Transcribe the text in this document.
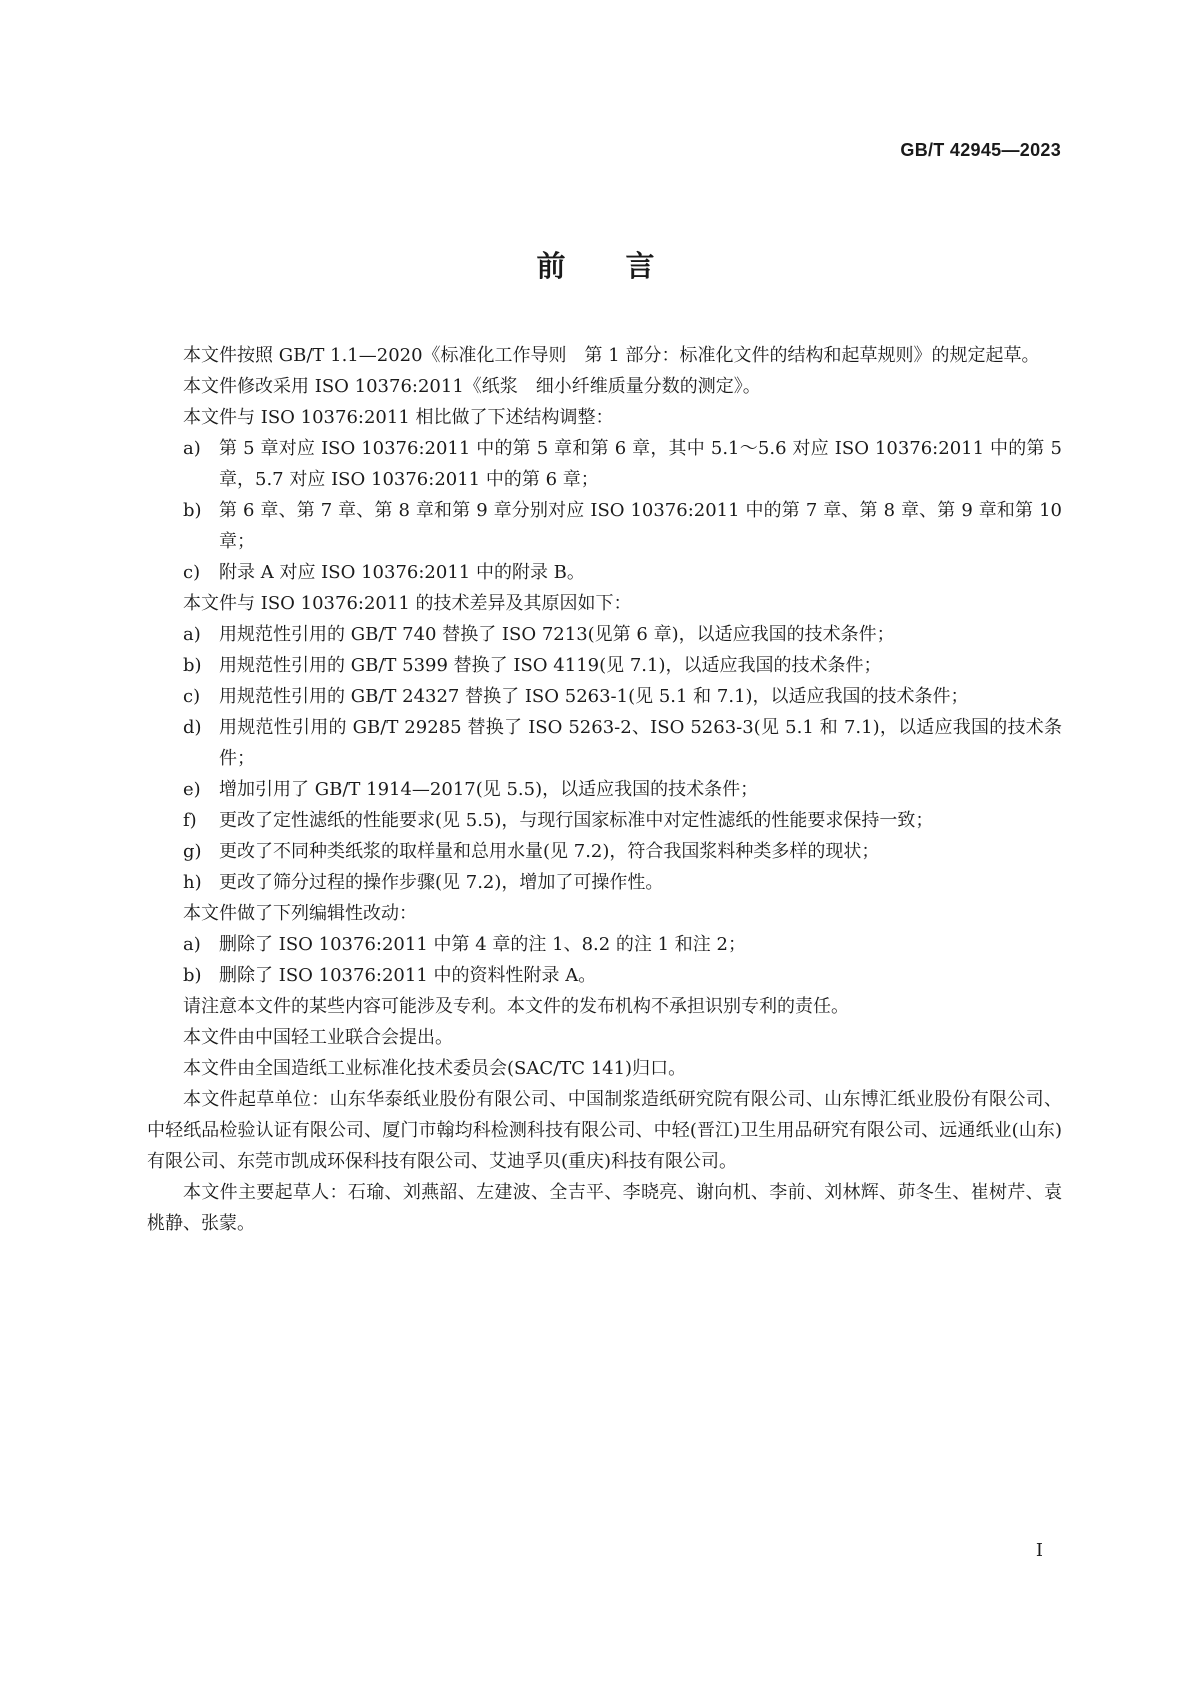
GB/T 42945—2023
前言

本文件按照 GB/T 1.1—2020《标准化工作导则　第 1 部分：标准化文件的结构和起草规则》的规定起草。

本文件修改采用 ISO 10376:2011《纸浆　细小纤维质量分数的测定》。

本文件与 ISO 10376:2011 相比做了下述结构调整：

a) 第 5 章对应 ISO 10376:2011 中的第 5 章和第 6 章，其中 5.1～5.6 对应 ISO 10376:2011 中的第 5 章，5.7 对应 ISO 10376:2011 中的第 6 章；
b) 第 6 章、第 7 章、第 8 章和第 9 章分别对应 ISO 10376:2011 中的第 7 章、第 8 章、第 9 章和第 10 章；
c) 附录 A 对应 ISO 10376:2011 中的附录 B。

本文件与 ISO 10376:2011 的技术差异及其原因如下：

a) 用规范性引用的 GB/T 740 替换了 ISO 7213(见第 6 章)，以适应我国的技术条件；
b) 用规范性引用的 GB/T 5399 替换了 ISO 4119(见 7.1)，以适应我国的技术条件；
c) 用规范性引用的 GB/T 24327 替换了 ISO 5263-1(见 5.1 和 7.1)，以适应我国的技术条件；
d) 用规范性引用的 GB/T 29285 替换了 ISO 5263-2、ISO 5263-3(见 5.1 和 7.1)，以适应我国的技术条件；
e) 增加引用了 GB/T 1914—2017(见 5.5)，以适应我国的技术条件；
f) 更改了定性滤纸的性能要求(见 5.5)，与现行国家标准中对定性滤纸的性能要求保持一致；
g) 更改了不同种类纸浆的取样量和总用水量(见 7.2)，符合我国浆料种类多样的现状；
h) 更改了筛分过程的操作步骤(见 7.2)，增加了可操作性。

本文件做了下列编辑性改动：

a) 删除了 ISO 10376:2011 中第 4 章的注 1、8.2 的注 1 和注 2；
b) 删除了 ISO 10376:2011 中的资料性附录 A。

请注意本文件的某些内容可能涉及专利。本文件的发布机构不承担识别专利的责任。

本文件由中国轻工业联合会提出。

本文件由全国造纸工业标准化技术委员会(SAC/TC 141)归口。

本文件起草单位：山东华泰纸业股份有限公司、中国制浆造纸研究院有限公司、山东博汇纸业股份有限公司、中轻纸品检验认证有限公司、厦门市翰均科检测科技有限公司、中轻(晋江)卫生用品研究有限公司、远通纸业(山东)有限公司、东莞市凯成环保科技有限公司、艾迪孚贝(重庆)科技有限公司。

本文件主要起草人：石瑜、刘燕韶、左建波、全吉平、李晓亮、谢向机、李前、刘林辉、茆冬生、崔树芹、袁桃静、张蒙。

I
